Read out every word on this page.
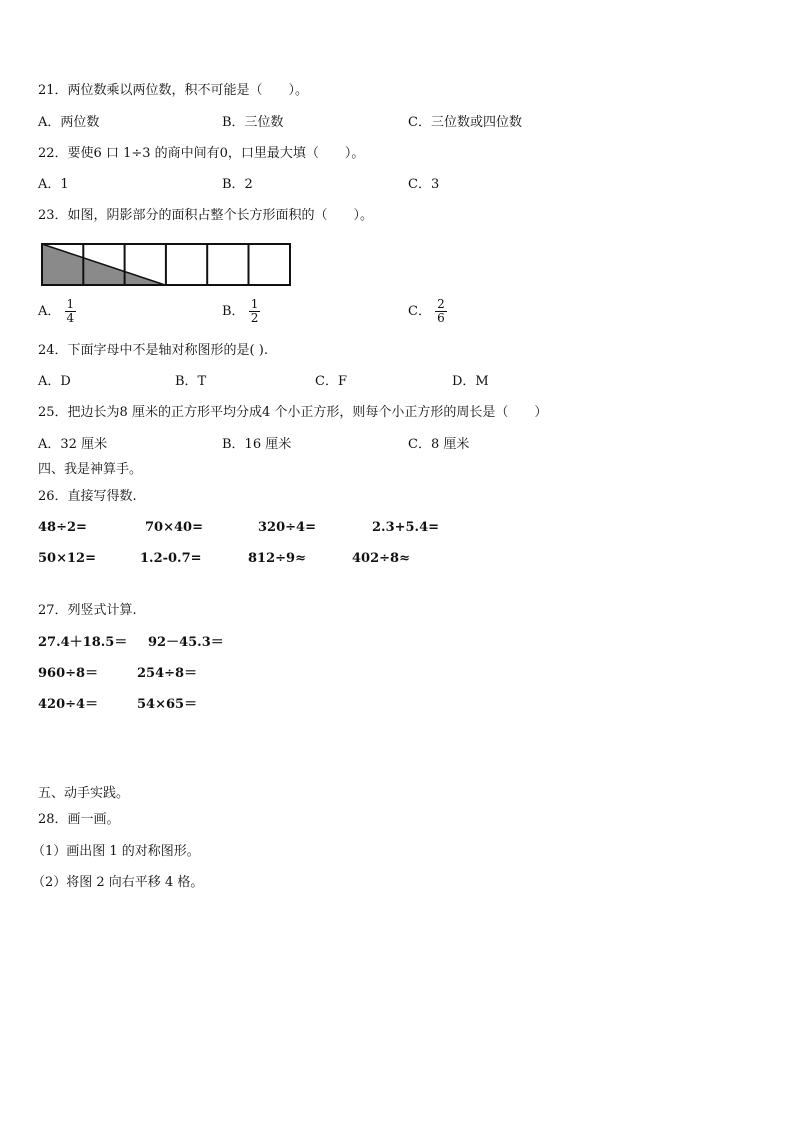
21．两位数乘以两位数，积不可能是（　　）。
A．两位数	B．三位数	C．三位数或四位数
22．要使6 口 1÷3 的商中间有0，口里最大填（　　）。
A．1	B．2	C．3
23．如图，阴影部分的面积占整个长方形面积的（　　）。
A． $\frac{1}{4}$	B． $\frac{1}{2}$	C． $\frac{2}{6}$
24．下面字母中不是轴对称图形的是( ).
A．D	B．T	C．F	D．M
25．把边长为8 厘米的正方形平均分成4 个小正方形，则每个小正方形的周长是（　　）
A．32 厘米	B．16 厘米	C．8 厘米
四、我是神算手。
26．直接写得数.
48÷2=	70×40=	320÷4=	2.3+5.4=
50×12=	1.2-0.7=	812÷9≈	402÷8≈
27．列竖式计算.
27.4＋18.5＝ 92－45.3＝
960÷8＝	254÷8＝
420÷4＝	54×65＝
五、动手实践。
28．画一画。
（1）画出图 1 的对称图形。
（2）将图 2 向右平移 4 格。
